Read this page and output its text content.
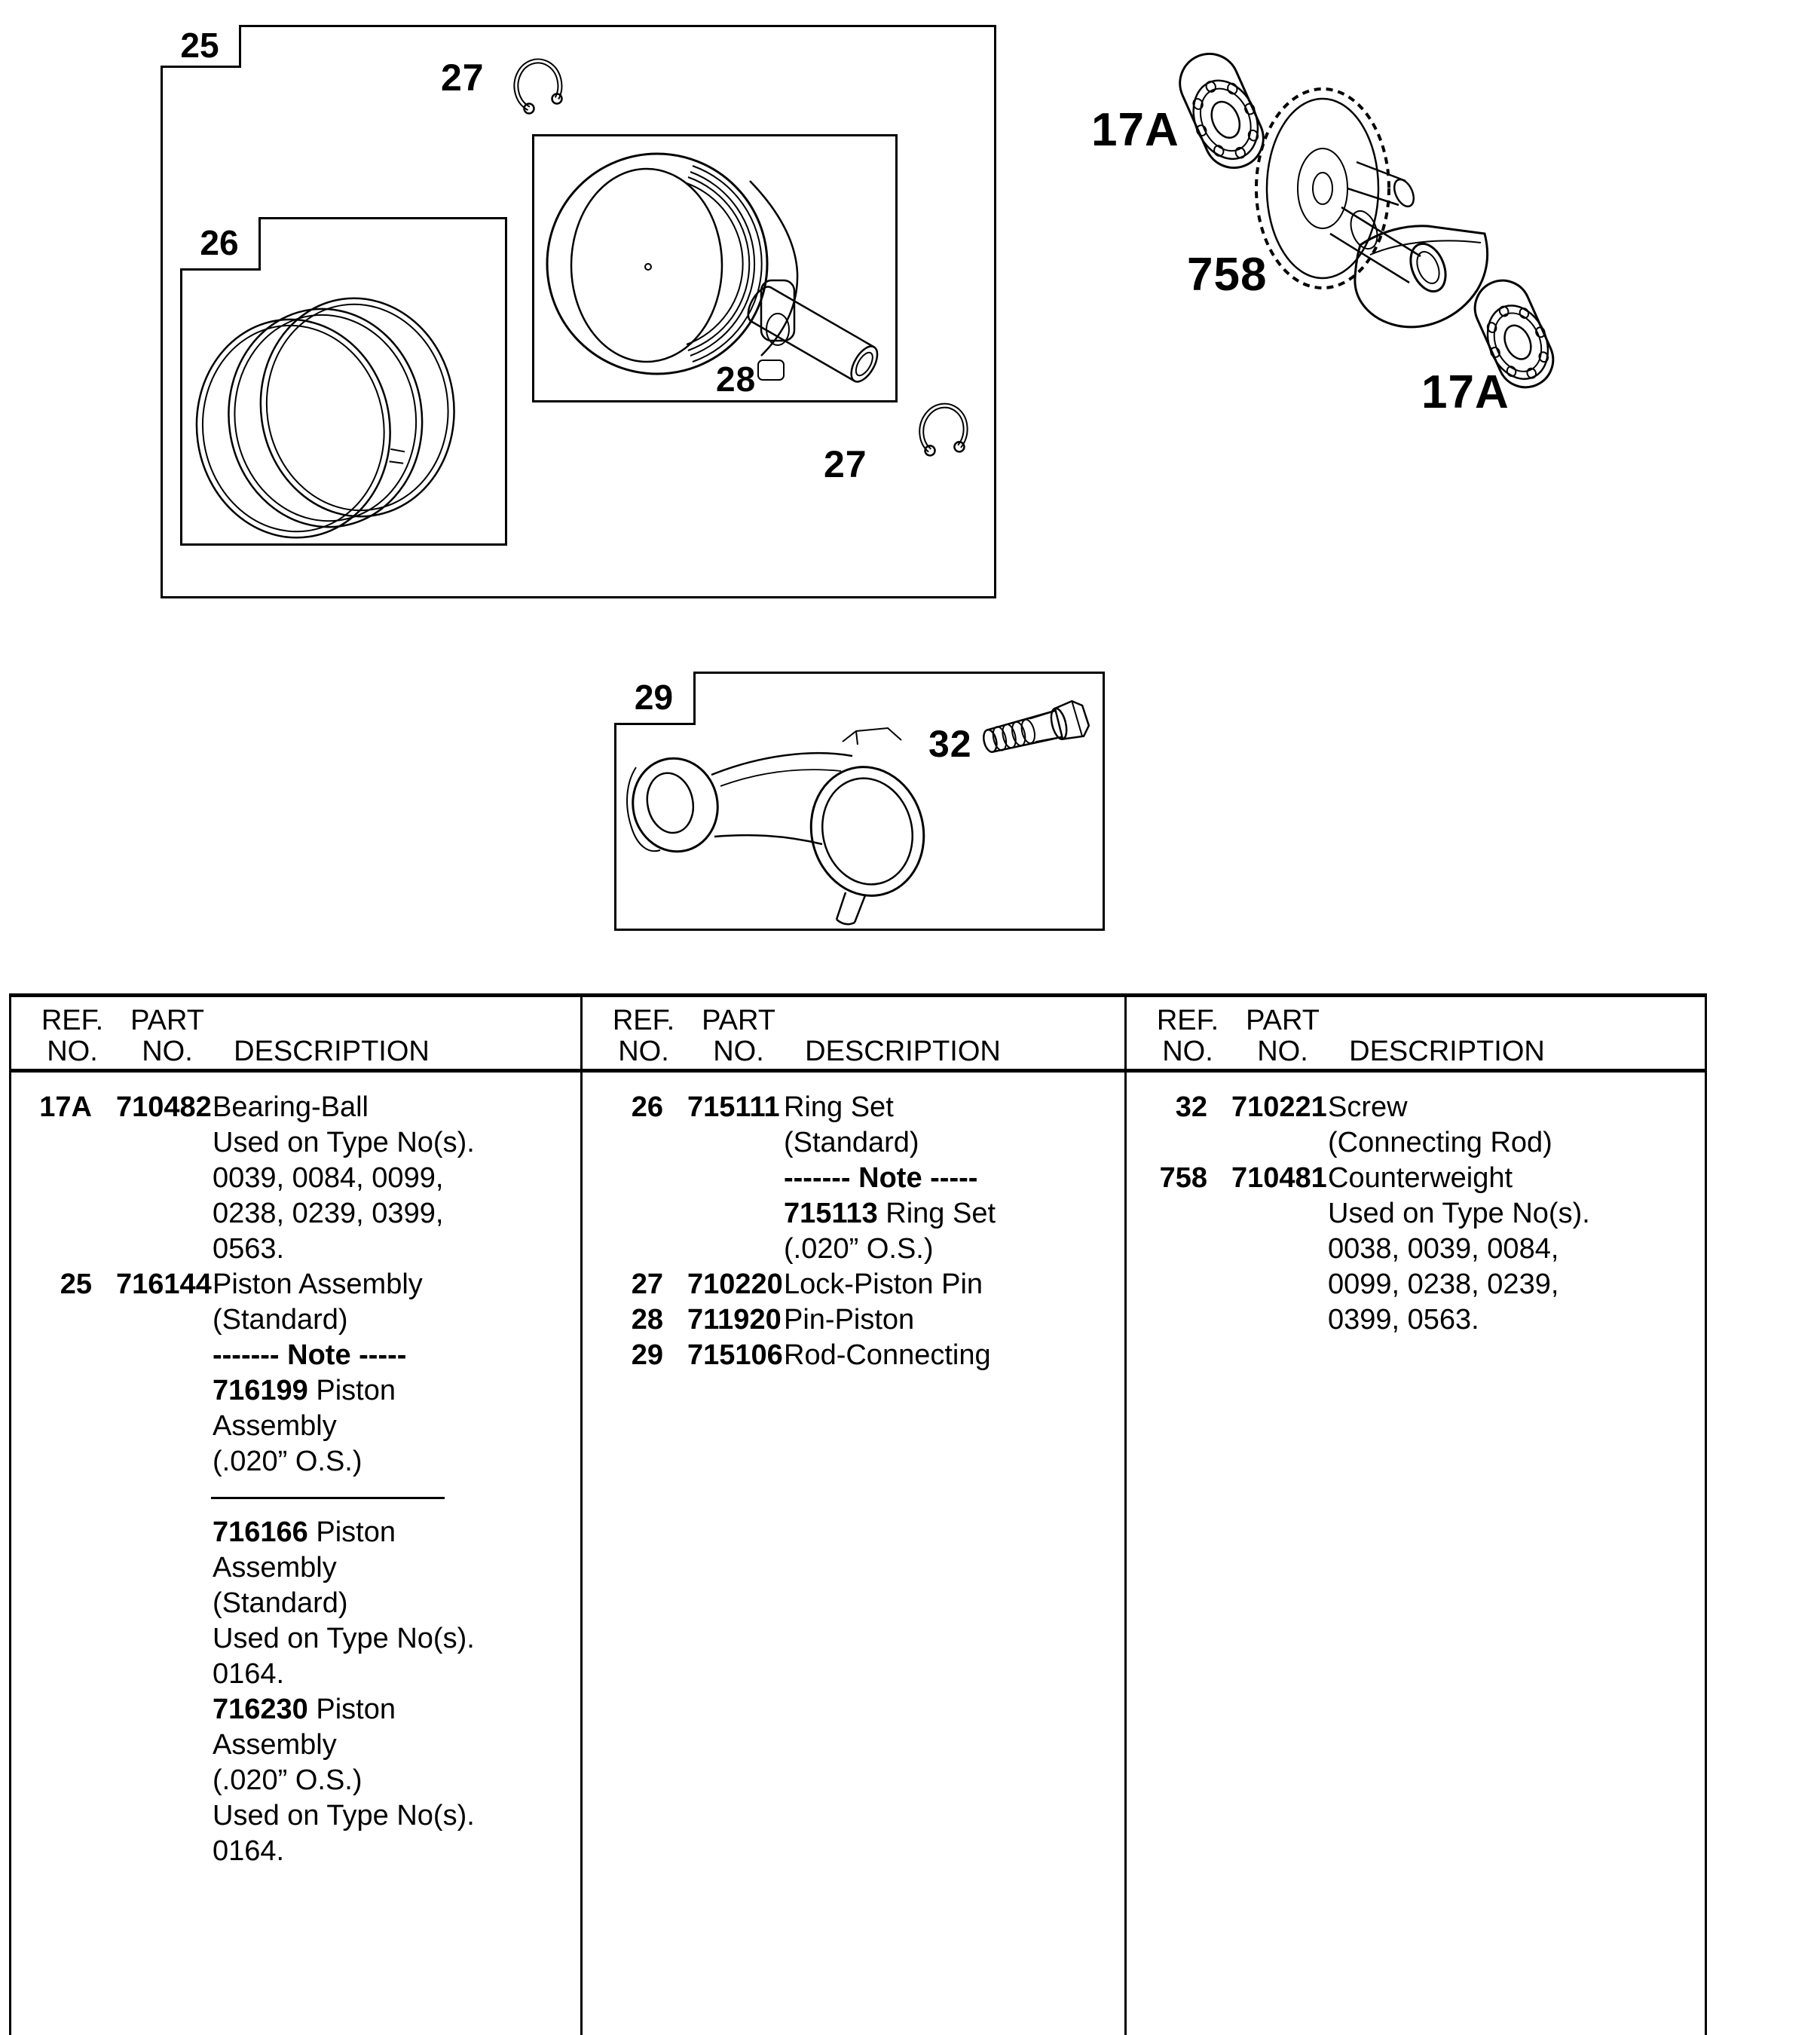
25
27
28
26
27
17A
758
17A
29
32
REF.
NO.
PART
NO.	DESCRIPTION
REF.
NO.
PART
NO.	DESCRIPTION
REF.
NO.
PART
NO.	DESCRIPTION
17A 710482 Bearing-Ball
Used on Type No(s).
0039, 0084, 0099,
0238, 0239, 0399,
0563.
25 716144 Piston Assembly
(Standard)
------- Note -----
716199 Piston
Assembly
(.020” O.S.)
716166 Piston
Assembly
(Standard)
Used on Type No(s).
0164.
716230 Piston
Assembly
(.020” O.S.)
Used on Type No(s).
0164.
26 715111 Ring Set
(Standard)
------- Note -----
715113 Ring Set
(.020” O.S.)
27 710220 Lock-Piston Pin
28 711920 Pin-Piston
29 715106 Rod-Connecting
32 710221 Screw
(Connecting Rod)
758 710481 Counterweight
Used on Type No(s).
0038, 0039, 0084,
0099, 0238, 0239,
0399, 0563.
